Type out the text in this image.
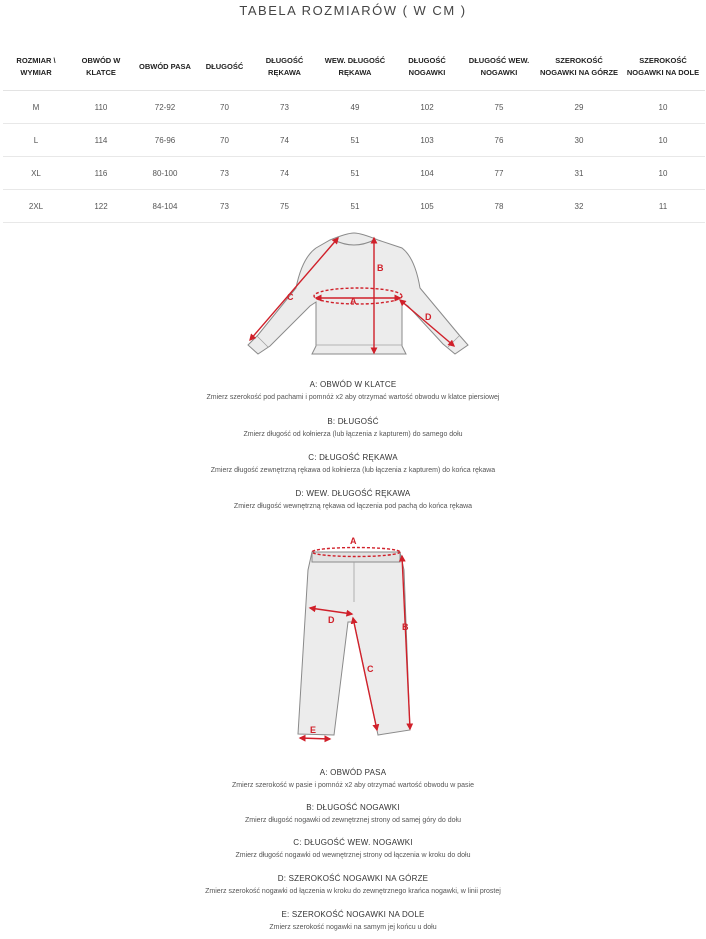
TABELA ROZMIARÓW ( W CM )
ROZMIAR \ WYMIAR	OBWÓD W KLATCE	OBWÓD PASA	DŁUGOŚĆ	DŁUGOŚĆ RĘKAWA	WEW. DŁUGOŚĆ RĘKAWA	DŁUGOŚĆ NOGAWKI	DŁUGOŚĆ WEW. NOGAWKI	SZEROKOŚĆ NOGAWKI NA GÓRZE	SZEROKOŚĆ NOGAWKI NA DOLE
M	110	72-92	70	73	49	102	75	29	10
L	114	76-96	70	74	51	103	76	30	10
XL	116	80-100	73	74	51	104	77	31	10
2XL	122	84-104	73	75	51	105	78	32	11
A
B
C
D
A: OBWÓD W KLATCE
Zmierz szerokość pod pachami i pomnóż x2 aby otrzymać wartość obwodu w klatce piersiowej
B: DŁUGOŚĆ
Zmierz długość od kołnierza (lub łączenia z kapturem) do samego dołu
C: DŁUGOŚĆ RĘKAWA
Zmierz długość zewnętrzną rękawa od kołnierza (lub łączenia z kapturem) do końca rękawa
D: WEW. DŁUGOŚĆ RĘKAWA
Zmierz długość wewnętrzną rękawa od łączenia pod pachą do końca rękawa
A
B
C
D
E
A: OBWÓD PASA
Zmierz szerokość w pasie i pomnóż x2 aby otrzymać wartość obwodu w pasie
B: DŁUGOŚĆ NOGAWKI
Zmierz długość nogawki od zewnętrznej strony od samej góry do dołu
C: DŁUGOŚĆ WEW. NOGAWKI
Zmierz długość nogawki od wewnętrznej strony od łączenia w kroku do dołu
D: SZEROKOŚĆ NOGAWKI NA GÓRZE
Zmierz szerokość nogawki od łączenia w kroku do zewnętrznego krańca nogawki, w linii prostej
E: SZEROKOŚĆ NOGAWKI NA DOLE
Zmierz szerokość nogawki na samym jej końcu u dołu
